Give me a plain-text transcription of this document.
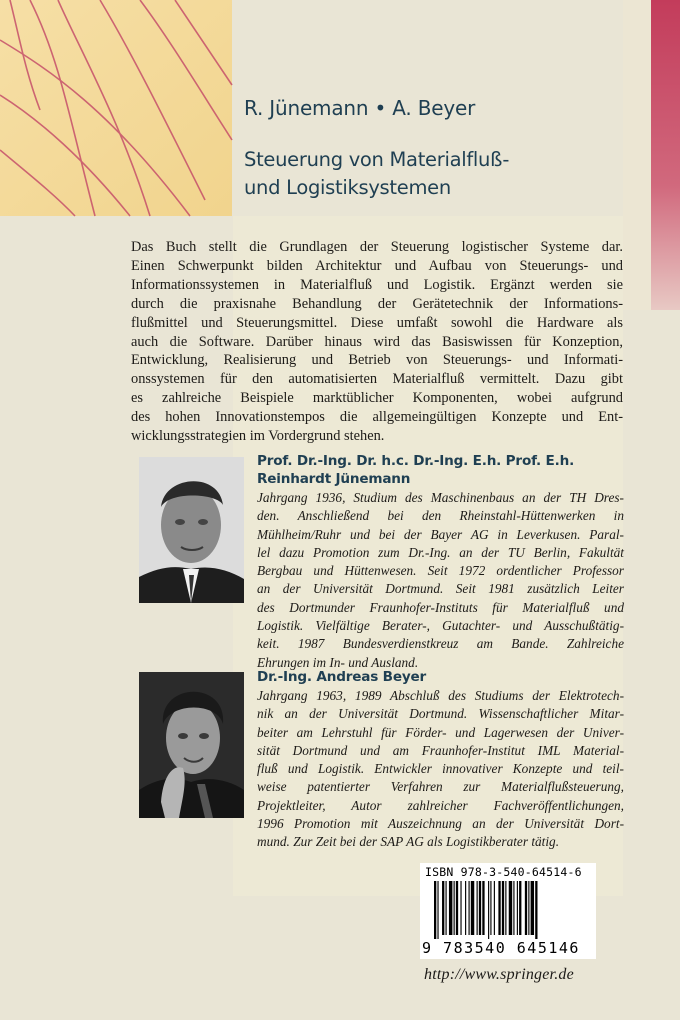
R. Jünemann • A. Beyer
Steuerung von Materialfluß-
und Logistiksystemen
Das Buch stellt die Grundlagen der Steuerung logistischer Systeme dar.
Einen Schwerpunkt bilden Architektur und Aufbau von Steuerungs- und
Informationssystemen in Materialfluß und Logistik. Ergänzt werden sie
durch die praxisnahe Behandlung der Gerätetechnik der Informations-
flußmittel und Steuerungsmittel. Diese umfaßt sowohl die Hardware als
auch die Software. Darüber hinaus wird das Basiswissen für Konzeption,
Entwicklung, Realisierung und Betrieb von Steuerungs- und Informati-
onssystemen für den automatisierten Materialfluß vermittelt. Dazu gibt
es zahlreiche Beispiele marktüblicher Komponenten, wobei aufgrund
des hohen Innovationstempos die allgemeingültigen Konzepte und Ent-
wicklungsstrategien im Vordergrund stehen.
Prof. Dr.-Ing. Dr. h.c. Dr.-Ing. E.h. Prof. E.h.
Reinhardt Jünemann
Jahrgang 1936, Studium des Maschinenbaus an der TH Dres-
den. Anschließend bei den Rheinstahl-Hüttenwerken in
Mühlheim/Ruhr und bei der Bayer AG in Leverkusen. Paral-
lel dazu Promotion zum Dr.-Ing. an der TU Berlin, Fakultät
Bergbau und Hüttenwesen. Seit 1972 ordentlicher Professor
an der Universität Dortmund. Seit 1981 zusätzlich Leiter
des Dortmunder Fraunhofer-Instituts für Materialfluß und
Logistik. Vielfältige Berater-, Gutachter- und Ausschußtätig-
keit. 1987 Bundesverdienstkreuz am Bande. Zahlreiche
Ehrungen im In- und Ausland.
Dr.-Ing. Andreas Beyer
Jahrgang 1963, 1989 Abschluß des Studiums der Elektrotech-
nik an der Universität Dortmund. Wissenschaftlicher Mitar-
beiter am Lehrstuhl für Förder- und Lagerwesen der Univer-
sität Dortmund und am Fraunhofer-Institut IML Material-
fluß und Logistik. Entwickler innovativer Konzepte und teil-
weise patentierter Verfahren zur Materialflußsteuerung,
Projektleiter, Autor zahlreicher Fachveröffentlichungen,
1996 Promotion mit Auszeichnung an der Universität Dort-
mund. Zur Zeit bei der SAP AG als Logistikberater tätig.
ISBN 978-3-540-64514-6
9 783540 645146
http://www.springer.de
